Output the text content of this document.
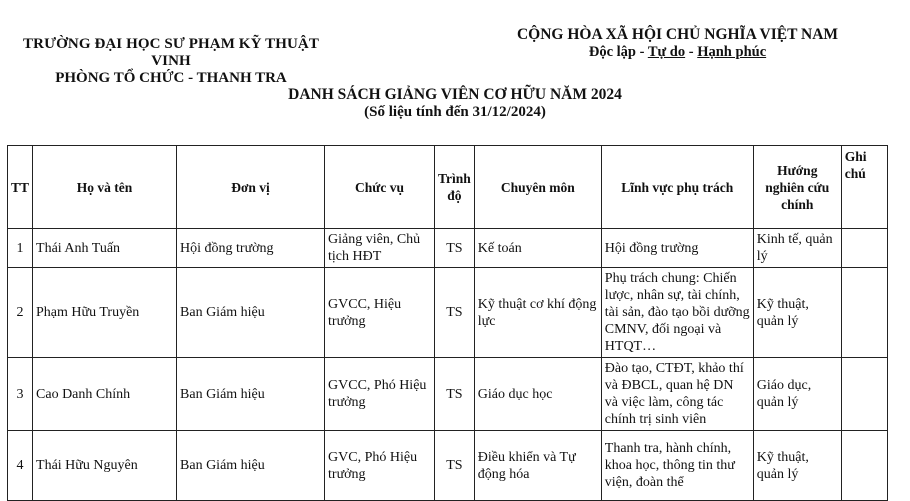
TRƯỜNG ĐẠI HỌC SƯ PHẠM KỸ THUẬT VINH
PHÒNG TỔ CHỨC - THANH TRA
CỘNG HÒA XÃ HỘI CHỦ NGHĨA VIỆT NAM
Độc lập - Tự do - Hạnh phúc
DANH SÁCH GIẢNG VIÊN CƠ HỮU NĂM 2024
(Số liệu tính đến 31/12/2024)
TT	Họ và tên	Đơn vị	Chức vụ	Trình độ	Chuyên môn	Lĩnh vực phụ trách	Hướng nghiên cứu chính	Ghi chú
1	Thái Anh Tuấn	Hội đồng trường	Giảng viên, Chủ tịch HĐT	TS	Kế toán	Hội đồng trường	Kinh tế, quản lý	
2	Phạm Hữu Truyền	Ban Giám hiệu	GVCC, Hiệu trưởng	TS	Kỹ thuật cơ khí động lực	Phụ trách chung: Chiến lược, nhân sự, tài chính, tài sản, đào tạo bồi dưỡng CMNV, đối ngoại và HTQT…	Kỹ thuật, quản lý	
3	Cao Danh Chính	Ban Giám hiệu	GVCC, Phó Hiệu trưởng	TS	Giáo dục học	Đào tạo, CTĐT, khảo thí và ĐBCL, quan hệ DN và việc làm, công tác chính trị sinh viên	Giáo dục, quản lý	
4	Thái Hữu Nguyên	Ban Giám hiệu	GVC, Phó Hiệu trưởng	TS	Điều khiển và Tự động hóa	Thanh tra, hành chính, khoa học, thông tin thư viện, đoàn thể	Kỹ thuật, quản lý	
